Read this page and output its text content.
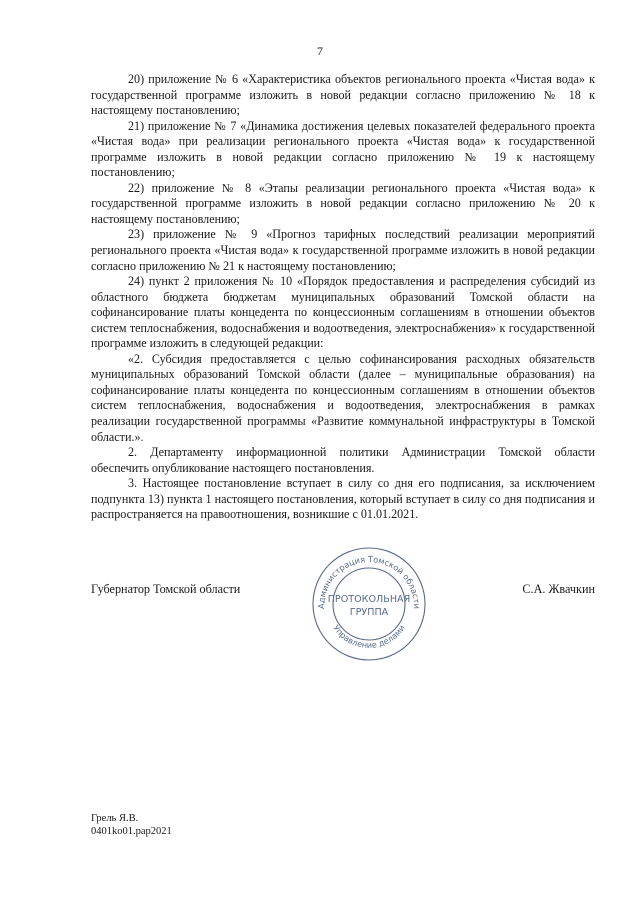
7

20) приложение № 6 «Характеристика объектов регионального проекта «Чистая вода» к государственной программе изложить в новой редакции согласно приложению № 18 к настоящему постановлению;

21) приложение № 7 «Динамика достижения целевых показателей федерального проекта «Чистая вода» при реализации регионального проекта «Чистая вода» к государственной программе изложить в новой редакции согласно приложению № 19 к настоящему постановлению;

22) приложение № 8 «Этапы реализации регионального проекта «Чистая вода» к государственной программе изложить в новой редакции согласно приложению № 20 к настоящему постановлению;

23) приложение № 9 «Прогноз тарифных последствий реализации мероприятий регионального проекта «Чистая вода» к государственной программе изложить в новой редакции согласно приложению № 21 к настоящему постановлению;

24) пункт 2 приложения № 10 «Порядок предоставления и распределения субсидий из областного бюджета бюджетам муниципальных образований Томской области на софинансирование платы концедента по концессионным соглашениям в отношении объектов систем теплоснабжения, водоснабжения и водоотведения, электроснабжения» к государственной программе изложить в следующей редакции:

«2. Субсидия предоставляется с целью софинансирования расходных обязательств муниципальных образований Томской области (далее – муниципальные образования) на софинансирование платы концедента по концессионным соглашениям в отношении объектов систем теплоснабжения, водоснабжения и водоотведения, электроснабжения в рамках реализации государственной программы «Развитие коммунальной инфраструктуры в Томской области.».

2. Департаменту информационной политики Администрации Томской области обеспечить опубликование настоящего постановления.

3. Настоящее постановление вступает в силу со дня его подписания, за исключением подпункта 13) пункта 1 настоящего постановления, который вступает в силу со дня подписания и распространяется на правоотношения, возникшие с 01.01.2021.

Губернатор Томской области	С.А. Жвачкин
Администрация Томской области
Управление делами
ПРОТОКОЛЬНАЯ
ГРУППА
Грель Я.В.
0401ko01.pap2021
